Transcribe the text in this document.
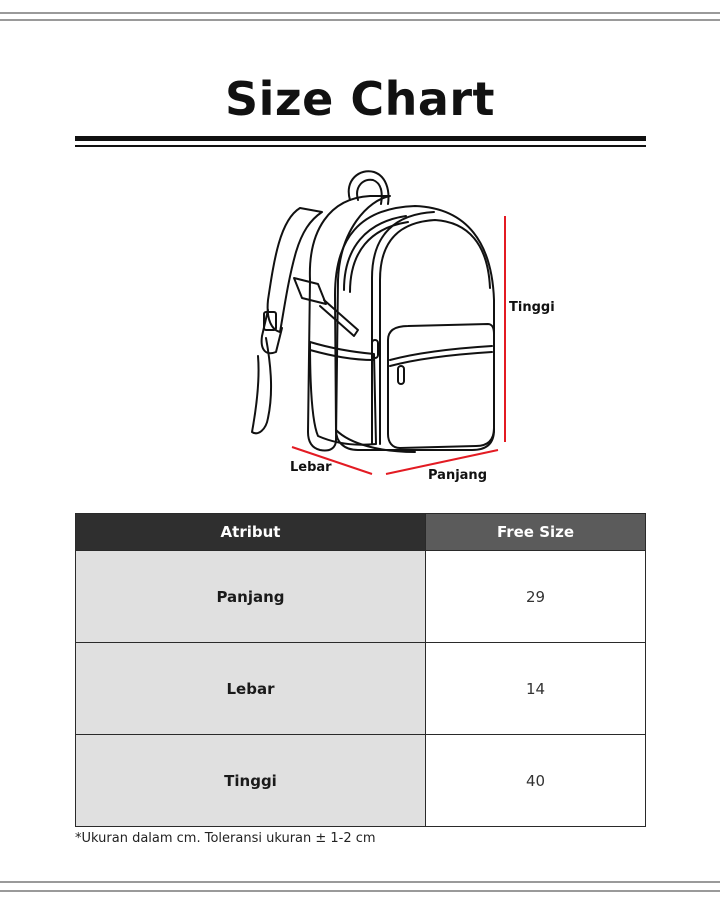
Size Chart
Tinggi
Lebar
Panjang
Atribut	Free Size
Panjang	29
Lebar	14
Tinggi	40
*Ukuran dalam cm. Toleransi ukuran ± 1-2 cm
